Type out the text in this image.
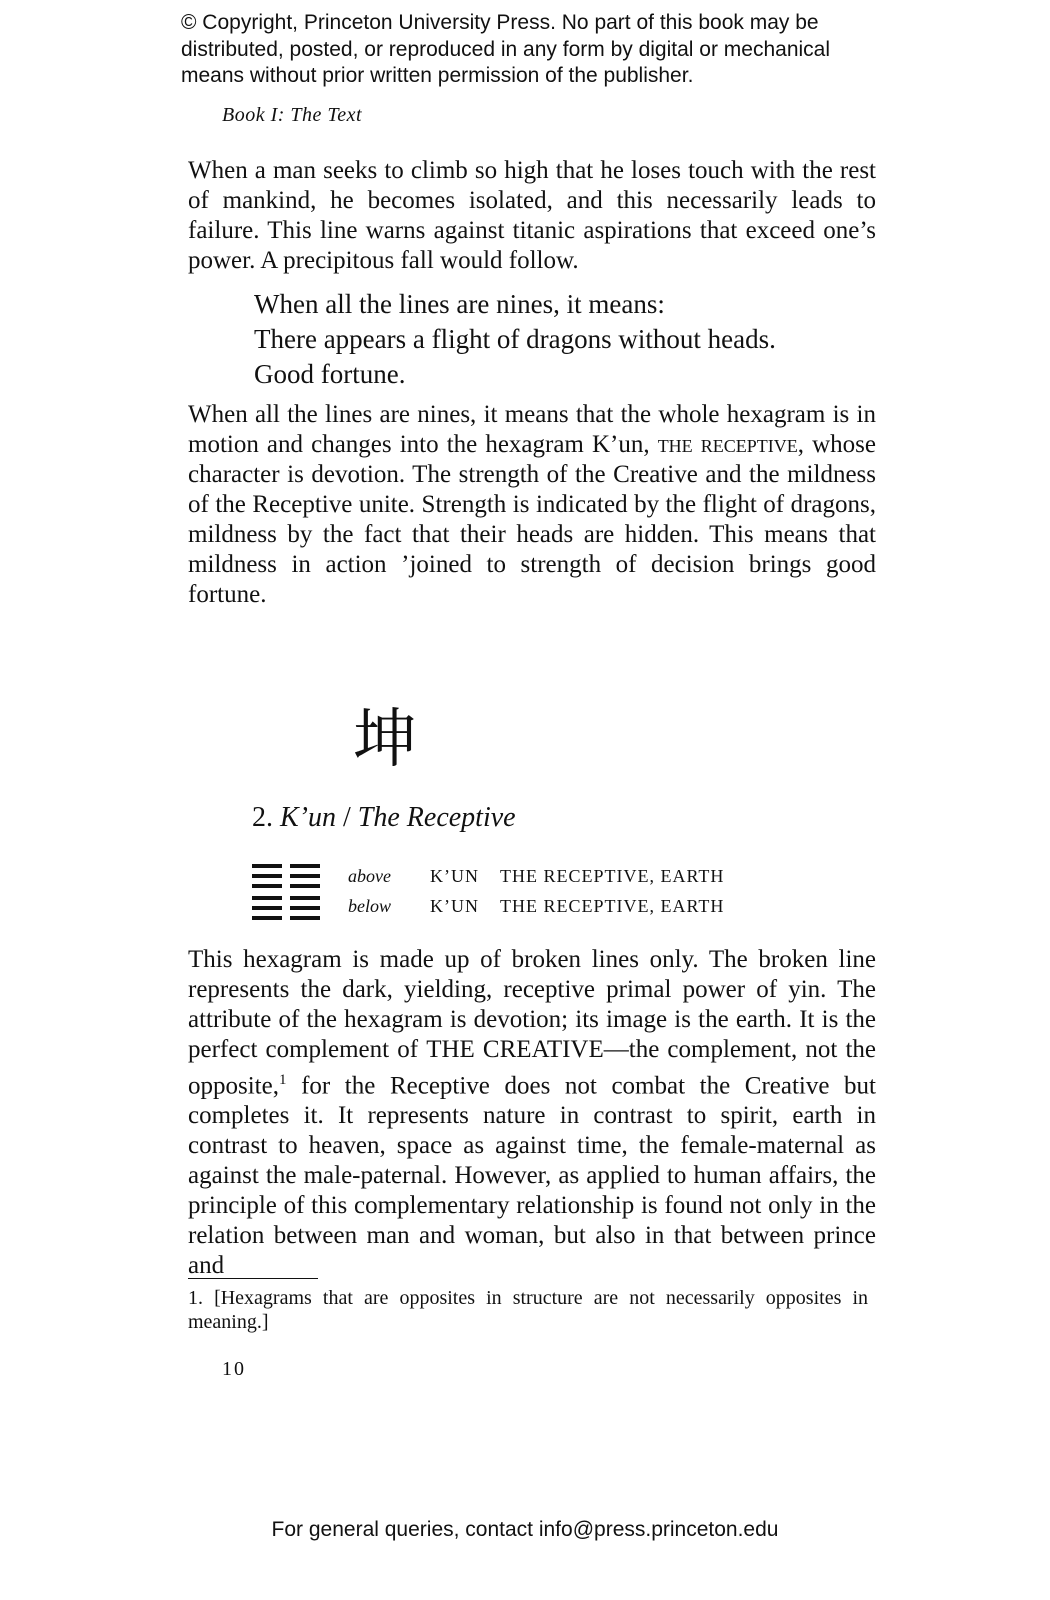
© Copyright, Princeton University Press. No part of this book may be
distributed, posted, or reproduced in any form by digital or mechanical
means without prior written permission of the publisher.
Book I: The Text

When a man seeks to climb so high that he loses touch with the rest of mankind, he becomes isolated, and this necessarily leads to failure. This line warns against titanic aspirations that exceed one’s power. A precipitous fall would follow.

When all the lines are nines, it means:
There appears a flight of dragons without heads.
Good fortune.

When all the lines are nines, it means that the whole hexagram is in motion and changes into the hexagram K’un, the receptive, whose character is devotion. The strength of the Creative and the mildness of the Receptive unite. Strength is indicated by the flight of dragons, mildness by the fact that their heads are hidden. This means that mildness in action ’joined to strength of decision brings good fortune.

坤
2. K’un / The Receptive
above K’UN THE RECEPTIVE, EARTH
below K’UN THE RECEPTIVE, EARTH

This hexagram is made up of broken lines only. The broken line represents the dark, yielding, receptive primal power of yin. The attribute of the hexagram is devotion; its image is the earth. It is the perfect complement of THE CREATIVE—the complement, not the opposite,$^1$ for the Receptive does not combat the Creative but completes it. It represents nature in contrast to spirit, earth in contrast to heaven, space as against time, the female-maternal as against the male-paternal. However, as applied to human affairs, the principle of this complementary relationship is found not only in the relation between man and woman, but also in that between prince and

1. [Hexagrams that are opposites in structure are not necessarily opposites in meaning.]
10
For general queries, contact info@press.princeton.edu
